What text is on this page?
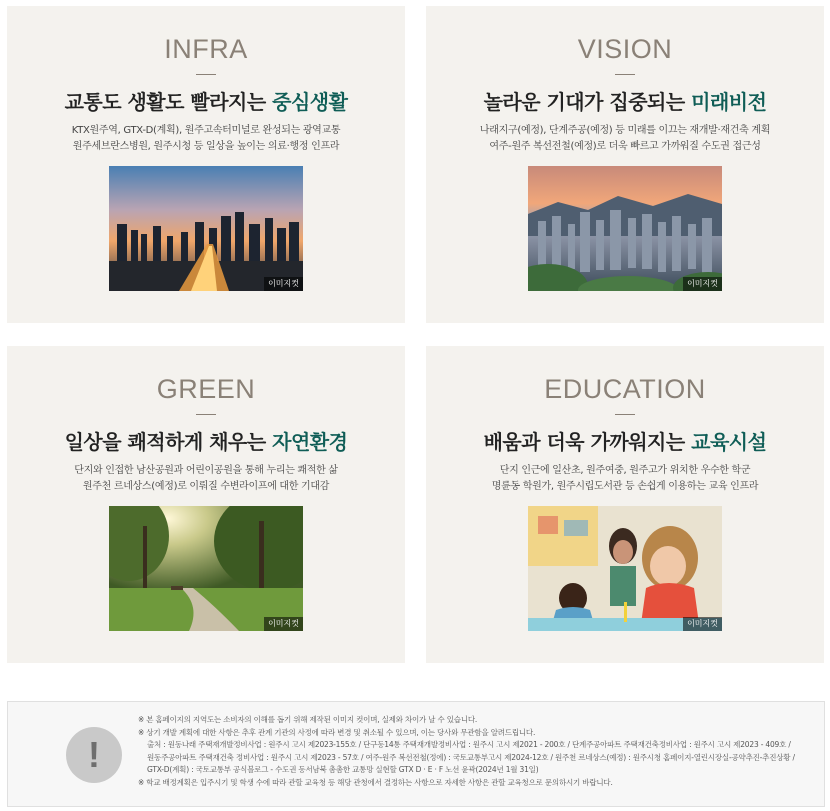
INFRA
교통도 생활도 빨라지는 중심생활
KTX원주역, GTX-D(계획), 원주고속터미널로 완성되는 광역교통
원주세브란스병원, 원주시청 등 일상을 높이는 의료·행정 인프라
이미지컷
VISION
놀라운 기대가 집중되는 미래비전
나래지구(예정), 단계주공(예정) 등 미래를 이끄는 재개발·재건축 계획
여주-원주 복선전철(예정)로 더욱 빠르고 가까워질 수도권 접근성
이미지컷
GREEN
일상을 쾌적하게 채우는 자연환경
단지와 인접한 남산공원과 어린이공원을 통해 누리는 쾌적한 삶
원주천 르네상스(예정)로 이뤄질 수변라이프에 대한 기대감
이미지컷
EDUCATION
배움과 더욱 가까워지는 교육시설
단지 인근에 일산초, 원주여중, 원주고가 위치한 우수한 학군
명륜동 학원가, 원주시립도서관 등 손쉽게 이용하는 교육 인프라
이미지컷
!
※ 본 홈페이지의 지역도는 소비자의 이해를 돕기 위해 제작된 이미지 컷이며, 실제와 차이가 날 수 있습니다.
※ 상기 개발 계획에 대한 사항은 추후 관계 기관의 사정에 따라 변경 및 취소될 수 있으며, 이는 당사와 무관함을 알려드립니다.
출처 : 원동나래 주택재개발정비사업 : 원주시 고시 제2023-155호 / 단구동14통 주택재개발정비사업 : 원주시 고시 제2021 - 200호 / 단계주공아파트 주택재건축정비사업 : 원주시 고시 제2023 - 409호 /
원동주공아파트 주택재건축 정비사업 : 원주시 고시 제2023 - 57호 / 여주-원주 복선전철(정에) : 국토교통부고시 제2024-12호 / 원주천 르네상스(예정) : 원주시청 홈페이지-열린시장실-공약추진-추진상황 /
GTX-D(계획) : 국토교통부 공식블로그 - 수도권 동서남북 촘촘한 교통망 실현할 GTX D · E · F 노선 윤곽(2024년 1월 31일)
※ 학교 배정계획은 입주시기 및 학생 수에 따라 관할 교육청 등 해당 관청에서 결정하는 사항으로 자세한 사항은 관할 교육청으로 문의하시기 바랍니다.
